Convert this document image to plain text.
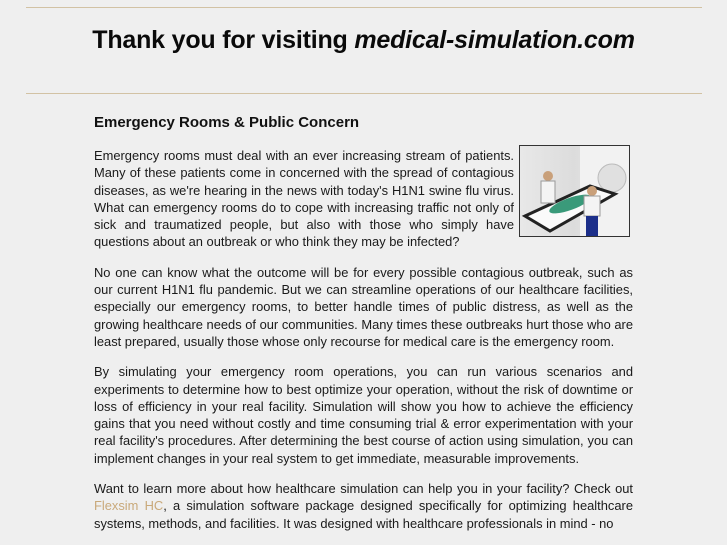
Thank you for visiting medical-simulation.com
Emergency Rooms & Public Concern

Emergency rooms must deal with an ever increasing stream of patients. Many of these patients come in concerned with the spread of contagious diseases, as we're hearing in the news with today's H1N1 swine flu virus. What can emergency rooms do to cope with increasing traffic not only of sick and traumatized people, but also with those who simply have questions about an outbreak or who think they may be infected?

No one can know what the outcome will be for every possible contagious outbreak, such as our current H1N1 flu pandemic. But we can streamline operations of our healthcare facilities, especially our emergency rooms, to better handle times of public distress, as well as the growing healthcare needs of our communities. Many times these outbreaks hurt those who are least prepared, usually those whose only recourse for medical care is the emergency room.

By simulating your emergency room operations, you can run various scenarios and experiments to determine how to best optimize your operation, without the risk of downtime or loss of efficiency in your real facility. Simulation will show you how to achieve the efficiency gains that you need without costly and time consuming trial & error experimentation with your real facility's procedures. After determining the best course of action using simulation, you can implement changes in your real system to get immediate, measurable improvements.

Want to learn more about how healthcare simulation can help you in your facility? Check out Flexsim HC, a simulation software package designed specifically for optimizing healthcare systems, methods, and facilities. It was designed with healthcare professionals in mind - no
